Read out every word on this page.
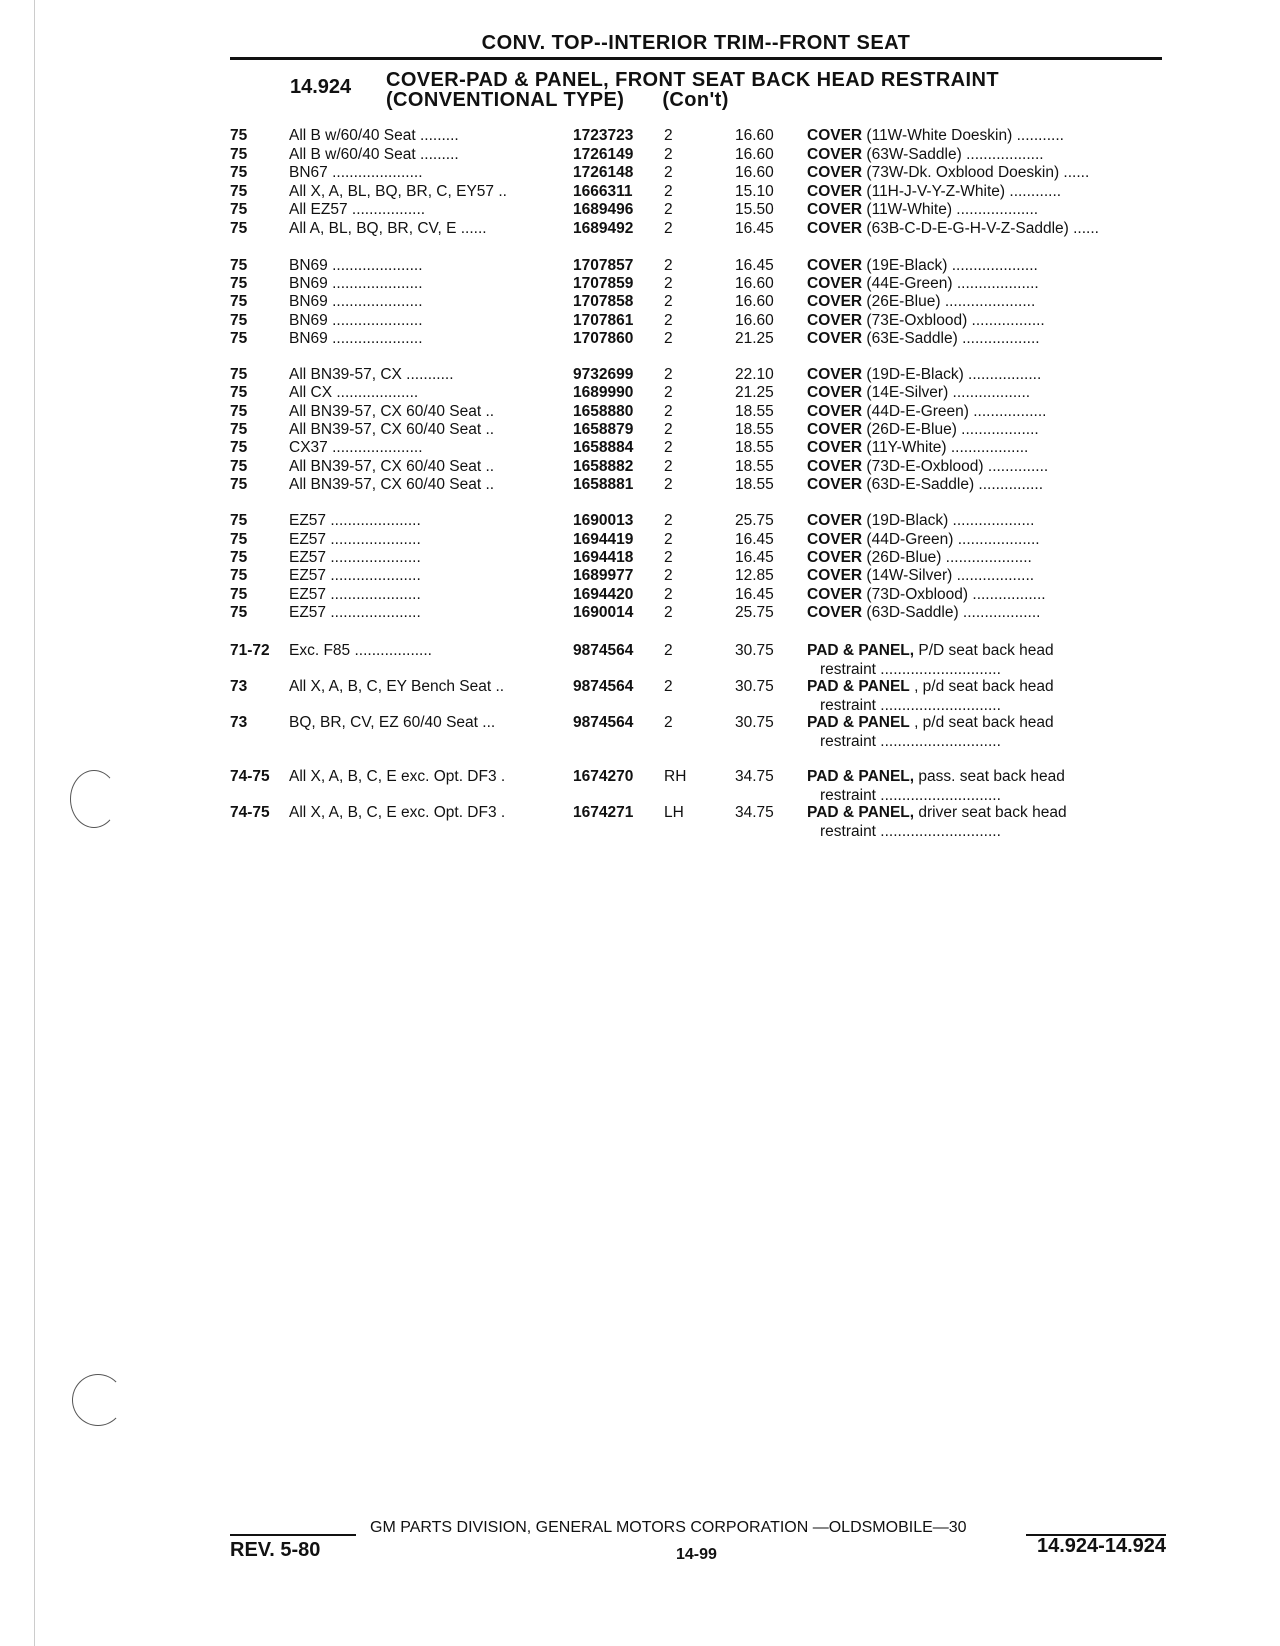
CONV. TOP--INTERIOR TRIM--FRONT SEAT
14.924 COVER-PAD & PANEL, FRONT SEAT BACK HEAD RESTRAINT
(CONVENTIONAL TYPE) (Con't)
75	All B w/60/40 Seat .........	1723723 2	16.60 COVER (11W-White Doeskin) ...........
75	All B w/60/40 Seat .........	1726149 2	16.60 COVER (63W-Saddle) ..................
75	BN67 .....................	1726148 2	16.60 COVER (73W-Dk. Oxblood Doeskin) ......
75	All X, A, BL, BQ, BR, C, EY57 ..	1666311 2	15.10 COVER (11H-J-V-Y-Z-White) ............
75	All EZ57 .................	1689496 2	15.50 COVER (11W-White) ...................
75	All A, BL, BQ, BR, CV, E ......	1689492 2	16.45 COVER (63B-C-D-E-G-H-V-Z-Saddle) ......
75	BN69 .....................	1707857 2	16.45 COVER (19E-Black) ....................
75	BN69 .....................	1707859 2	16.60 COVER (44E-Green) ...................
75	BN69 .....................	1707858 2	16.60 COVER (26E-Blue) .....................
75	BN69 .....................	1707861 2	16.60 COVER (73E-Oxblood) .................
75	BN69 .....................	1707860 2	21.25 COVER (63E-Saddle) ..................
75	All BN39-57, CX ...........	9732699 2	22.10 COVER (19D-E-Black) .................
75	All CX ...................	1689990 2	21.25 COVER (14E-Silver) ..................
75	All BN39-57, CX 60/40 Seat ..	1658880 2	18.55 COVER (44D-E-Green) .................
75	All BN39-57, CX 60/40 Seat ..	1658879 2	18.55 COVER (26D-E-Blue) ..................
75	CX37 .....................	1658884 2	18.55 COVER (11Y-White) ..................
75	All BN39-57, CX 60/40 Seat ..	1658882 2	18.55 COVER (73D-E-Oxblood) ..............
75	All BN39-57, CX 60/40 Seat ..	1658881 2	18.55 COVER (63D-E-Saddle) ...............
75	EZ57 .....................	1690013 2	25.75 COVER (19D-Black) ...................
75	EZ57 .....................	1694419 2	16.45 COVER (44D-Green) ...................
75	EZ57 .....................	1694418 2	16.45 COVER (26D-Blue) ....................
75	EZ57 .....................	1689977 2	12.85 COVER (14W-Silver) ..................
75	EZ57 .....................	1694420 2	16.45 COVER (73D-Oxblood) .................
75	EZ57 .....................	1690014 2	25.75 COVER (63D-Saddle) ..................
71-72 Exc. F85 ..................	9874564 2	30.75 PAD & PANEL, P/D seat back head
restraint ............................
73	All X, A, B, C, EY Bench Seat ..	9874564 2	30.75 PAD & PANEL , p/d seat back head
restraint ............................
73	BQ, BR, CV, EZ 60/40 Seat ...	9874564 2	30.75 PAD & PANEL , p/d seat back head
restraint ............................
74-75 All X, A, B, C, E exc. Opt. DF3 .	1674270 RH	34.75 PAD & PANEL, pass. seat back head
restraint ............................
74-75 All X, A, B, C, E exc. Opt. DF3 .	1674271 LH	34.75 PAD & PANEL, driver seat back head
restraint ............................
GM PARTS DIVISION, GENERAL MOTORS CORPORATION —OLDSMOBILE—30
REV. 5-80	14-99	14.924-14.924
